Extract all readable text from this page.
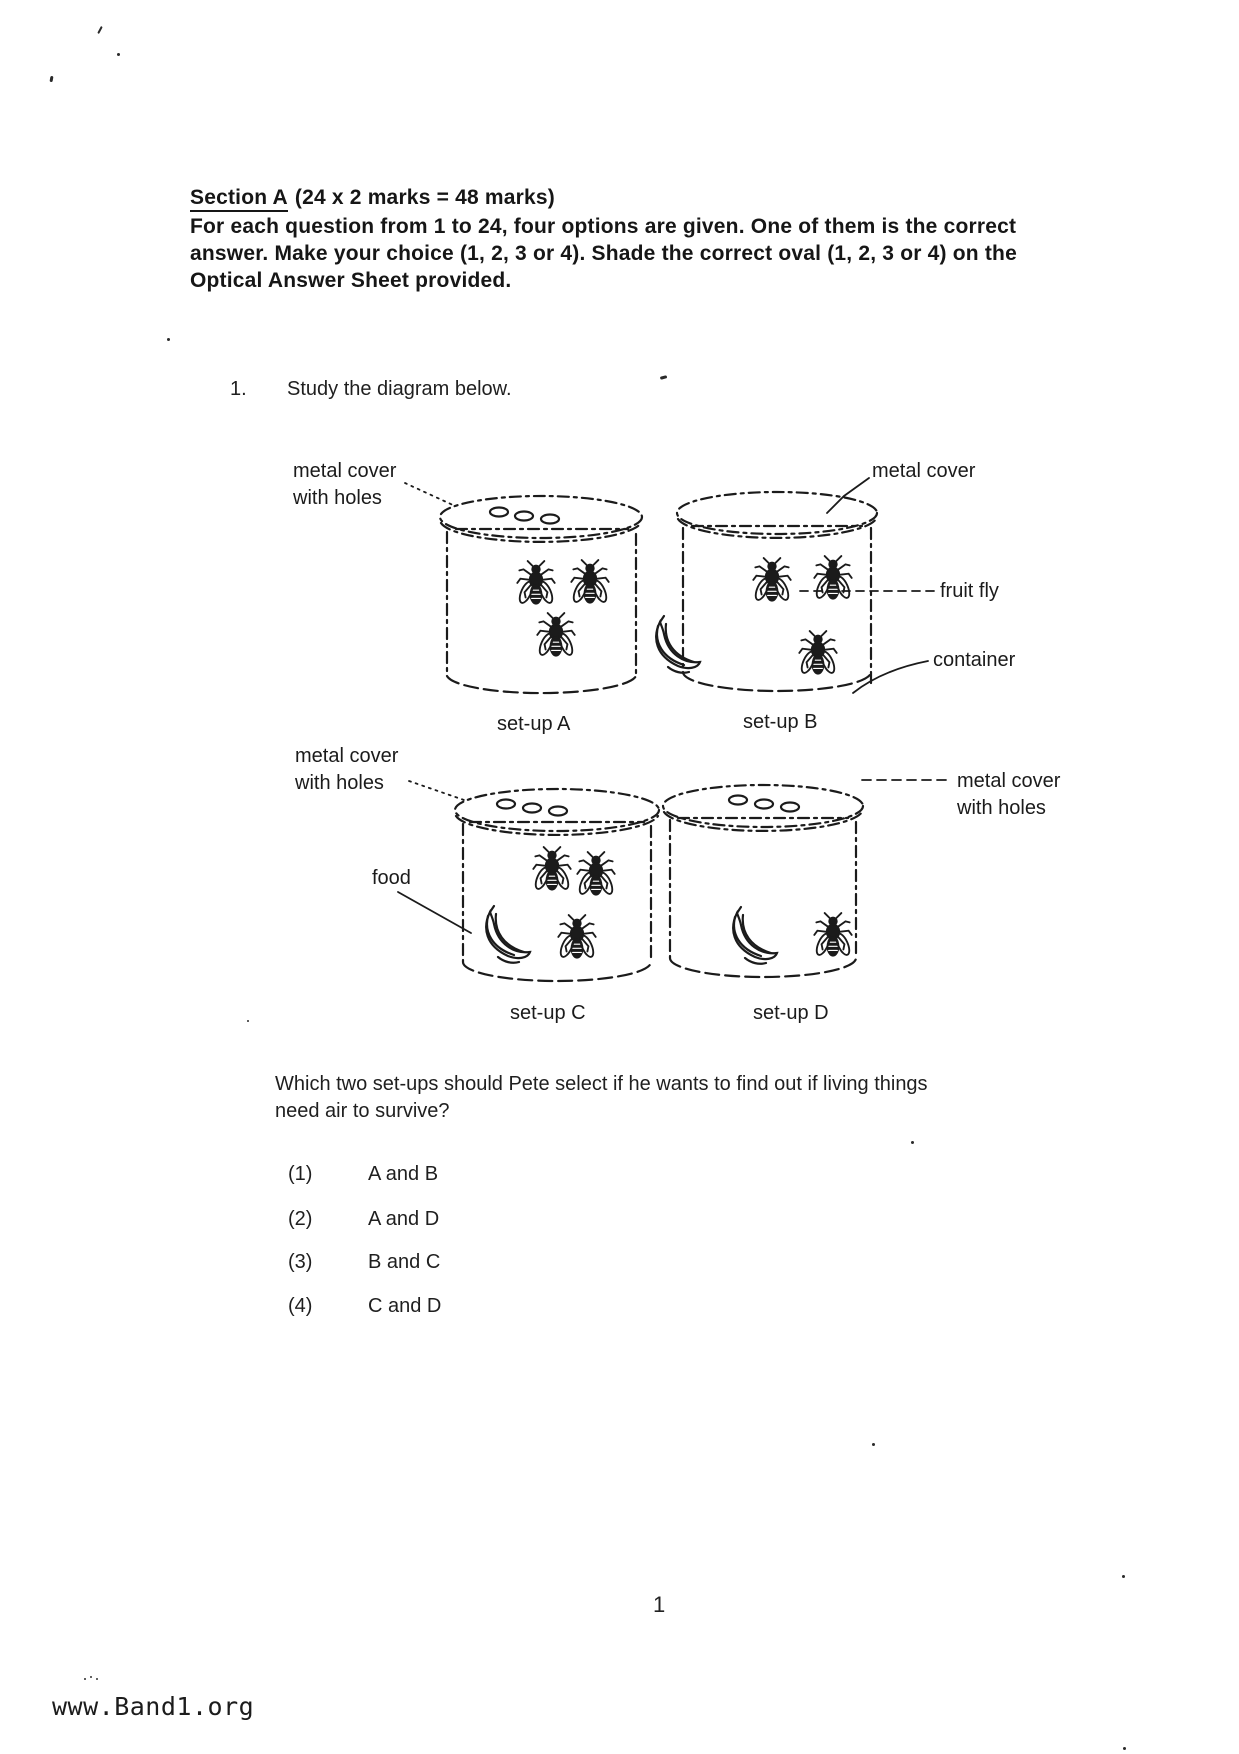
Section A (24 x 2 marks = 48 marks)
For each question from 1 to 24, four options are given. One of them is the correct
answer. Make your choice (1, 2, 3 or 4). Shade the correct oval (1, 2, 3 or 4) on the
Optical Answer Sheet provided.
1. Study the diagram below.
metal cover
with holes
metal cover
fruit fly
container
metal cover
with holes
food
metal cover
with holes
set-up A	set-up B
set-up C	set-up D
Which two set-ups should Pete select if he wants to find out if living things
need air to survive?
(1)	A and B
(2)	A and D
(3)	B and C
(4)	C and D
1
www.Band1.org
